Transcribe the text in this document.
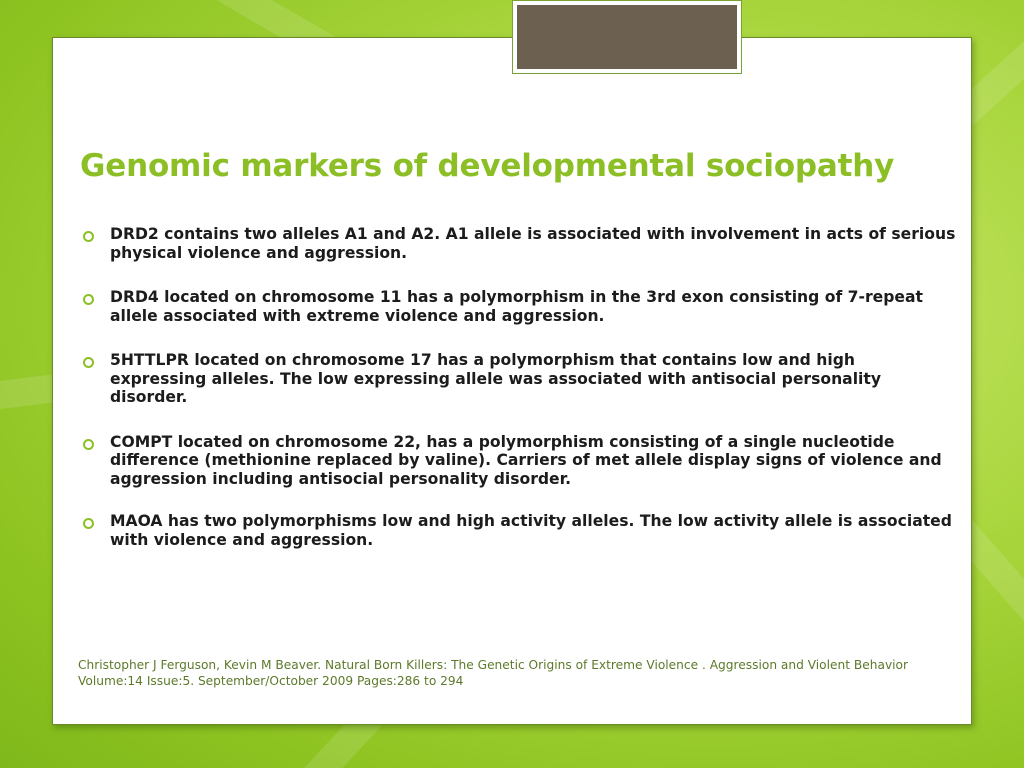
Genomic markers of developmental sociopathy
DRD2 contains two alleles A1 and A2. A1 allele is associated with involvement in acts of serious physical violence and aggression.
DRD4 located on chromosome 11 has a polymorphism in the 3rd exon consisting of 7-repeat allele associated with extreme violence and aggression.
5HTTLPR located on chromosome 17 has a polymorphism that contains low and high expressing alleles. The low expressing allele was associated with antisocial personality disorder.
COMPT located on chromosome 22, has a polymorphism consisting of a single nucleotide difference (methionine replaced by valine). Carriers of met allele display signs of violence and aggression including antisocial personality disorder.
MAOA has two polymorphisms low and high activity alleles. The low activity allele is associated with violence and aggression.

Christopher J Ferguson, Kevin M Beaver. Natural Born Killers: The Genetic Origins of Extreme Violence . Aggression and Violent Behavior Volume:14 Issue:5. September/October 2009 Pages:286 to 294
